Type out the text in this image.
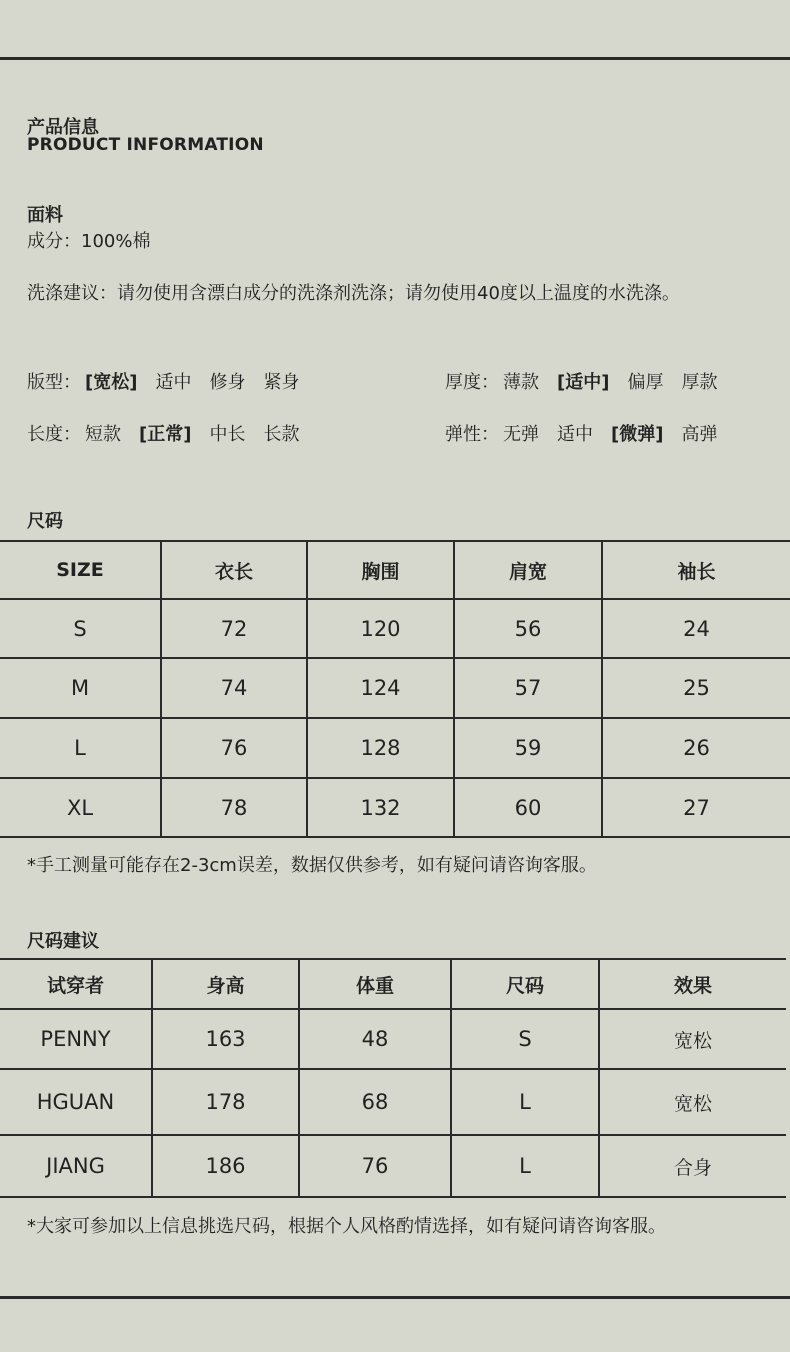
产品信息
PRODUCT INFORMATION
面料
成分：100%棉
洗涤建议：请勿使用含漂白成分的洗涤剂洗涤；请勿使用40度以上温度的水洗涤。
版型： [宽松] 适中 修身 紧身	厚度： 薄款 [适中] 偏厚 厚款
长度： 短款 [正常] 中长 长款	弹性： 无弹 适中 [微弹] 高弹
尺码
SIZE	衣长	胸围	肩宽	袖长
S	72	120	56	24
M	74	124	57	25
L	76	128	59	26
XL	78	132	60	27
*手工测量可能存在2-3cm误差，数据仅供参考，如有疑问请咨询客服。
尺码建议
试穿者	身高	体重	尺码	效果
PENNY	163	48	S	宽松
HGUAN	178	68	L	宽松
JIANG	186	76	L	合身
*大家可参加以上信息挑选尺码，根据个人风格酌情选择，如有疑问请咨询客服。
